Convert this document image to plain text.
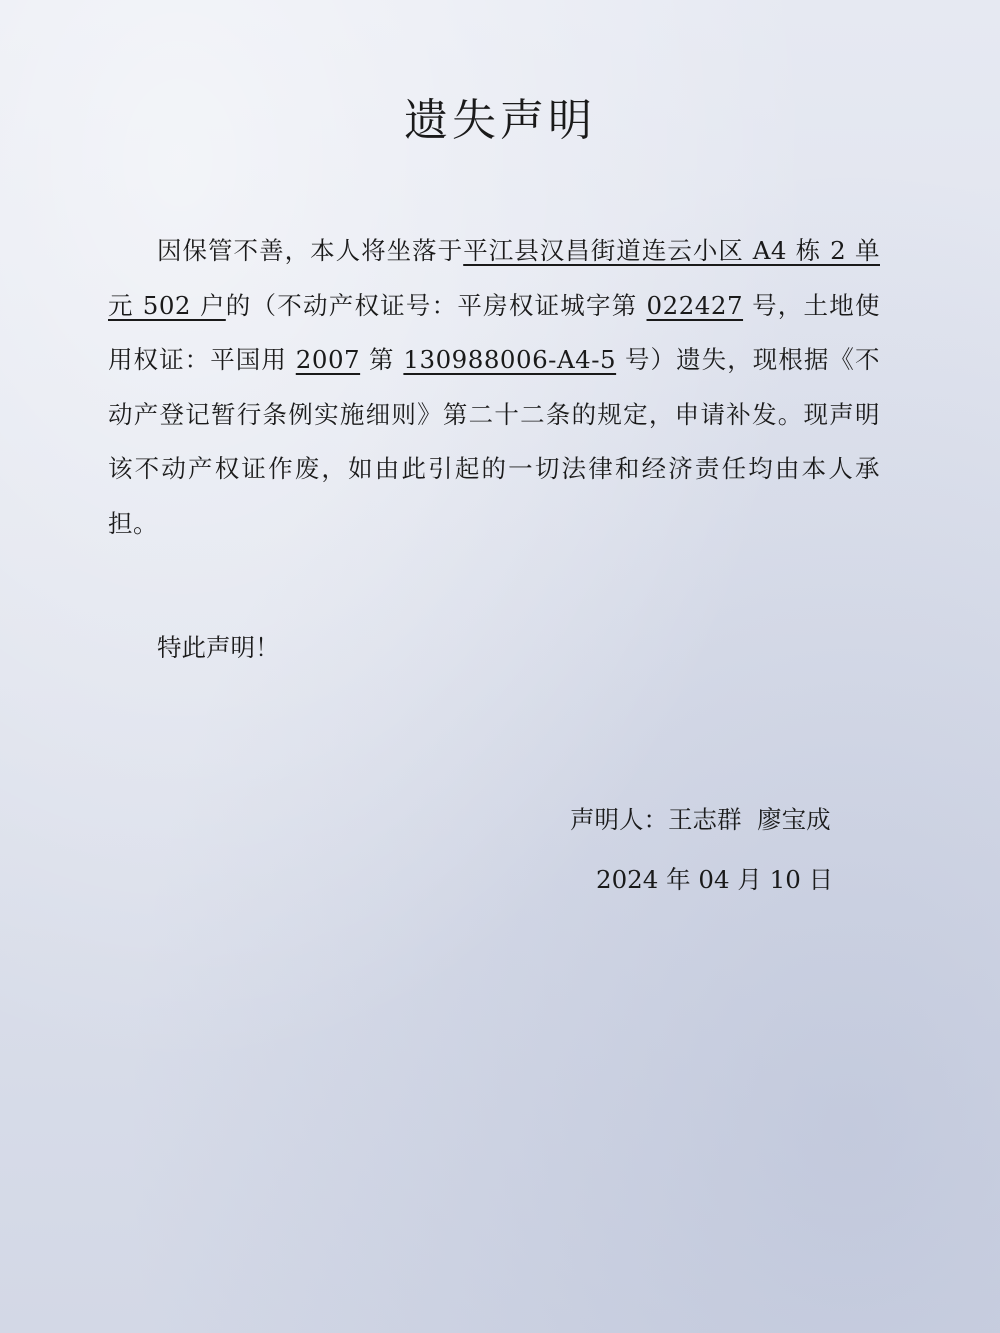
遗失声明

因保管不善，本人将坐落于平江县汉昌街道连云小区 A4 栋 2 单元 502 户的（不动产权证号：平房权证城字第 022427 号，土地使用权证：平国用 2007 第 130988006-A4-5 号）遗失，现根据《不动产登记暂行条例实施细则》第二十二条的规定，申请补发。现声明该不动产权证作废，如由此引起的一切法律和经济责任均由本人承担。

特此声明！
声明人：王志群  廖宝成
2024 年 04 月 10 日
